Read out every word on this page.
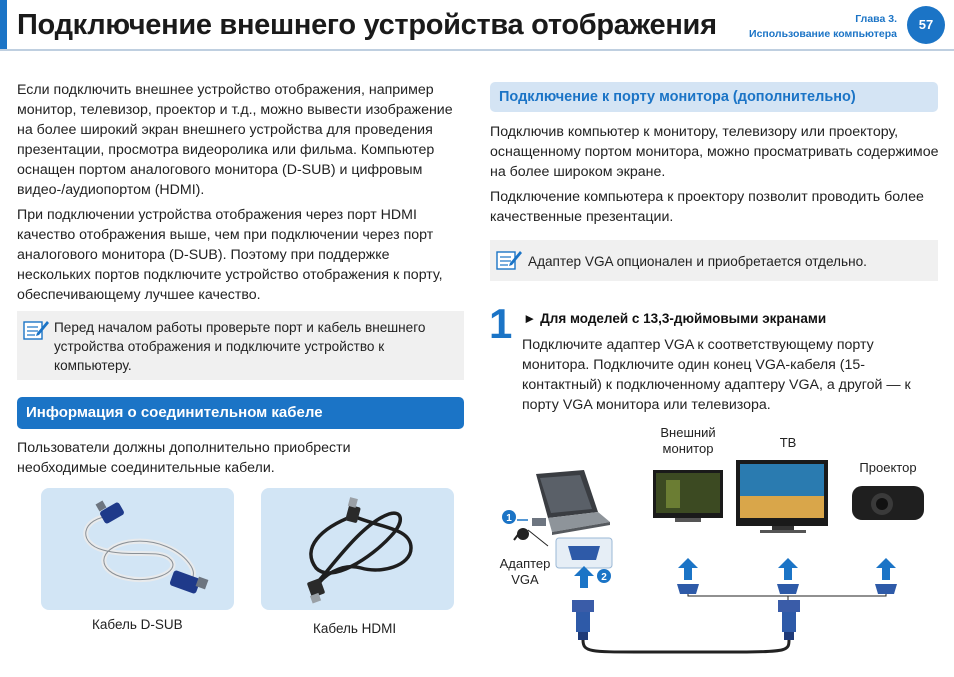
Подключение внешнего устройства отображения	Глава 3.
Использование компьютера
57
Если подключить внешнее устройство отображения, например монитор, телевизор, проектор и т.д., можно вывести изображение на более широкий экран внешнего устройства для проведения презентации, просмотра видеоролика или фильма. Компьютер оснащен портом аналогового монитора (D-SUB) и цифровым видео-/аудиопортом (HDMI).
При подключении устройства отображения через порт HDMI качество отображения выше, чем при подключении через порт аналогового монитора (D-SUB). Поэтому при поддержке нескольких портов подключите устройство отображения к порту, обеспечивающему лучшее качество.
Перед началом работы проверьте порт и кабель внешнего устройства отображения и подключите устройство к компьютеру.
Информация о соединительном кабеле
Пользователи должны дополнительно приобрести необходимые соединительные кабели.
Кабель D-SUB	Кабель HDMI
Подключение к порту монитора (дополнительно)
Подключив компьютер к монитору, телевизору или проектору, оснащенному портом монитора, можно просматривать содержимое на более широком экране.
Подключение компьютера к проектору позволит проводить более качественные презентации.
Адаптер VGA опционален и приобретается отдельно.
1 ► Для моделей с 13,3-дюймовыми экранами
Подключите адаптер VGA к соответствующему порту монитора. Подключите один конец VGA-кабеля (15-контактный) к подключенному адаптеру VGA, а другой — к порту VGA монитора или телевизора.
Внешний монитор	ТВ
Проектор
Адаптер VGA
1
2
